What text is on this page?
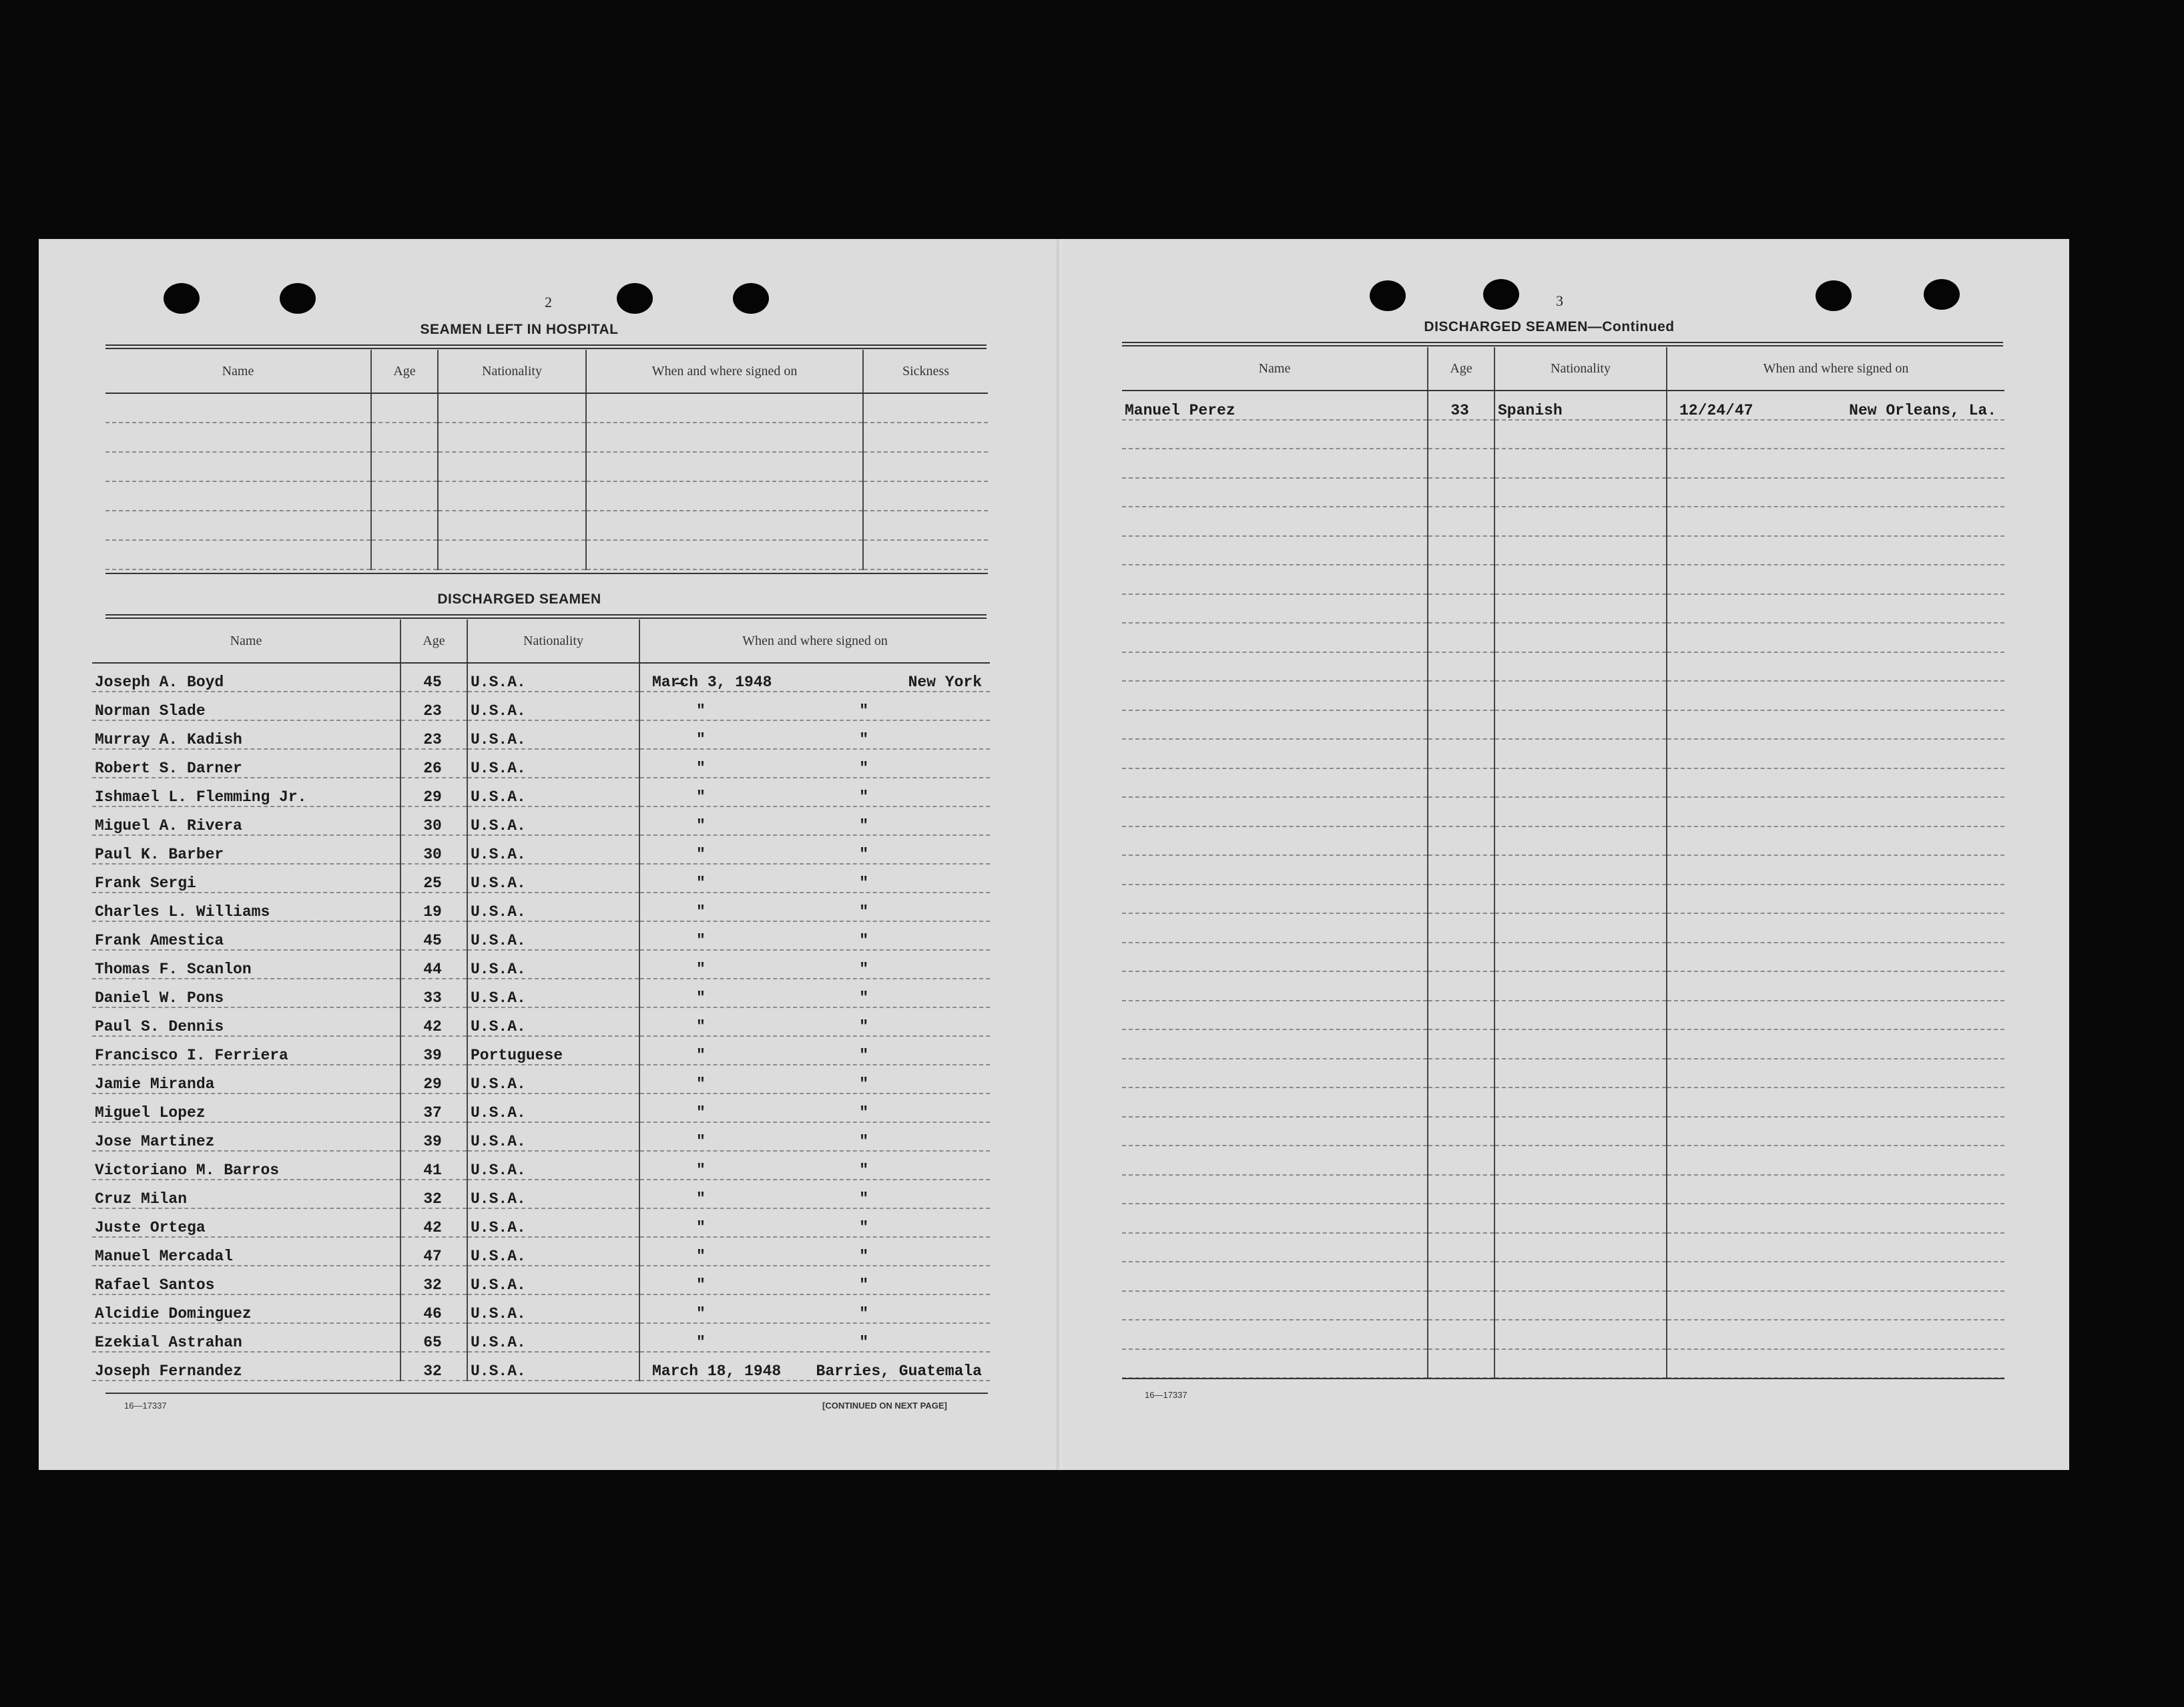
2
SEAMEN LEFT IN HOSPITAL
Name	Age	Nationality	When and where signed on	Sickness

DISCHARGED SEAMEN
Name	Age	Nationality	When and where signed on
Joseph A. Boyd	45	U.S.A.	Mar̶ch 3, 1948 New York

Norman Slade	23	U.S.A.	" "

Murray A. Kadish	23	U.S.A.	" "

Robert S. Darner	26	U.S.A.	" "

Ishmael L. Flemming Jr.	29	U.S.A.	" "

Miguel A. Rivera	30	U.S.A.	" "

Paul K. Barber	30	U.S.A.	" "

Frank Sergi	25	U.S.A.	" "

Charles L. Williams	19	U.S.A.	" "

Frank Amestica	45	U.S.A.	" "

Thomas F. Scanlon	44	U.S.A.	" "

Daniel W. Pons	33	U.S.A.	" "

Paul S. Dennis	42	U.S.A.	" "

Francisco I. Ferriera	39	Portuguese	" "

Jamie Miranda	29	U.S.A.	" "

Miguel Lopez	37	U.S.A.	" "

Jose Martinez	39	U.S.A.	" "

Victoriano M. Barros	41	U.S.A.	" "

Cruz Milan	32	U.S.A.	" "

Juste Ortega	42	U.S.A.	" "

Manuel Mercadal	47	U.S.A.	" "

Rafael Santos	32	U.S.A.	" "

Alcidie Dominguez	46	U.S.A.	" "

Ezekial Astrahan	65	U.S.A.	" "

Joseph Fernandez	32	U.S.A.	March 18, 1948 Barries, Guatemala
16—17337	[CONTINUED ON NEXT PAGE]
3
DISCHARGED SEAMEN—Continued
Name	Age	Nationality	When and where signed on
Manuel Perez	33	Spanish	12/24/47 New Orleans, La.

16—17337
